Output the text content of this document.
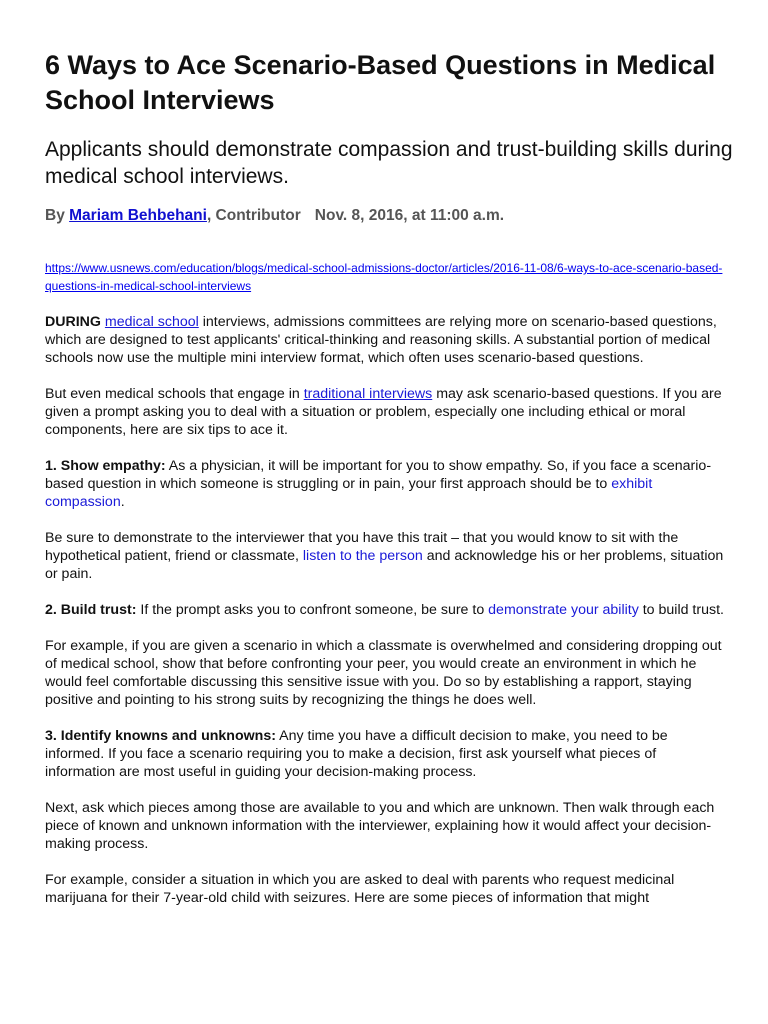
6 Ways to Ace Scenario-Based Questions in Medical School Interviews

Applicants should demonstrate compassion and trust-building skills during medical school interviews.

By Mariam Behbehani, Contributor Nov. 8, 2016, at 11:00 a.m.

https://www.usnews.com/education/blogs/medical-school-admissions-doctor/articles/2016-11-08/6-ways-to-ace-scenario-based-questions-in-medical-school-interviews

DURING medical school interviews, admissions committees are relying more on scenario-based questions, which are designed to test applicants' critical-thinking and reasoning skills. A substantial portion of medical schools now use the multiple mini interview format, which often uses scenario-based questions.

But even medical schools that engage in traditional interviews may ask scenario-based questions. If you are given a prompt asking you to deal with a situation or problem, especially one including ethical or moral components, here are six tips to ace it.

1. Show empathy: As a physician, it will be important for you to show empathy. So, if you face a scenario-based question in which someone is struggling or in pain, your first approach should be to exhibit compassion.

Be sure to demonstrate to the interviewer that you have this trait – that you would know to sit with the hypothetical patient, friend or classmate, listen to the person and acknowledge his or her problems, situation or pain.

2. Build trust: If the prompt asks you to confront someone, be sure to demonstrate your ability to build trust.

For example, if you are given a scenario in which a classmate is overwhelmed and considering dropping out of medical school, show that before confronting your peer, you would create an environment in which he would feel comfortable discussing this sensitive issue with you. Do so by establishing a rapport, staying positive and pointing to his strong suits by recognizing the things he does well.

3. Identify knowns and unknowns: Any time you have a difficult decision to make, you need to be informed. If you face a scenario requiring you to make a decision, first ask yourself what pieces of information are most useful in guiding your decision-making process.

Next, ask which pieces among those are available to you and which are unknown. Then walk through each piece of known and unknown information with the interviewer, explaining how it would affect your decision-making process.

For example, consider a situation in which you are asked to deal with parents who request medicinal marijuana for their 7-year-old child with seizures. Here are some pieces of information that might
